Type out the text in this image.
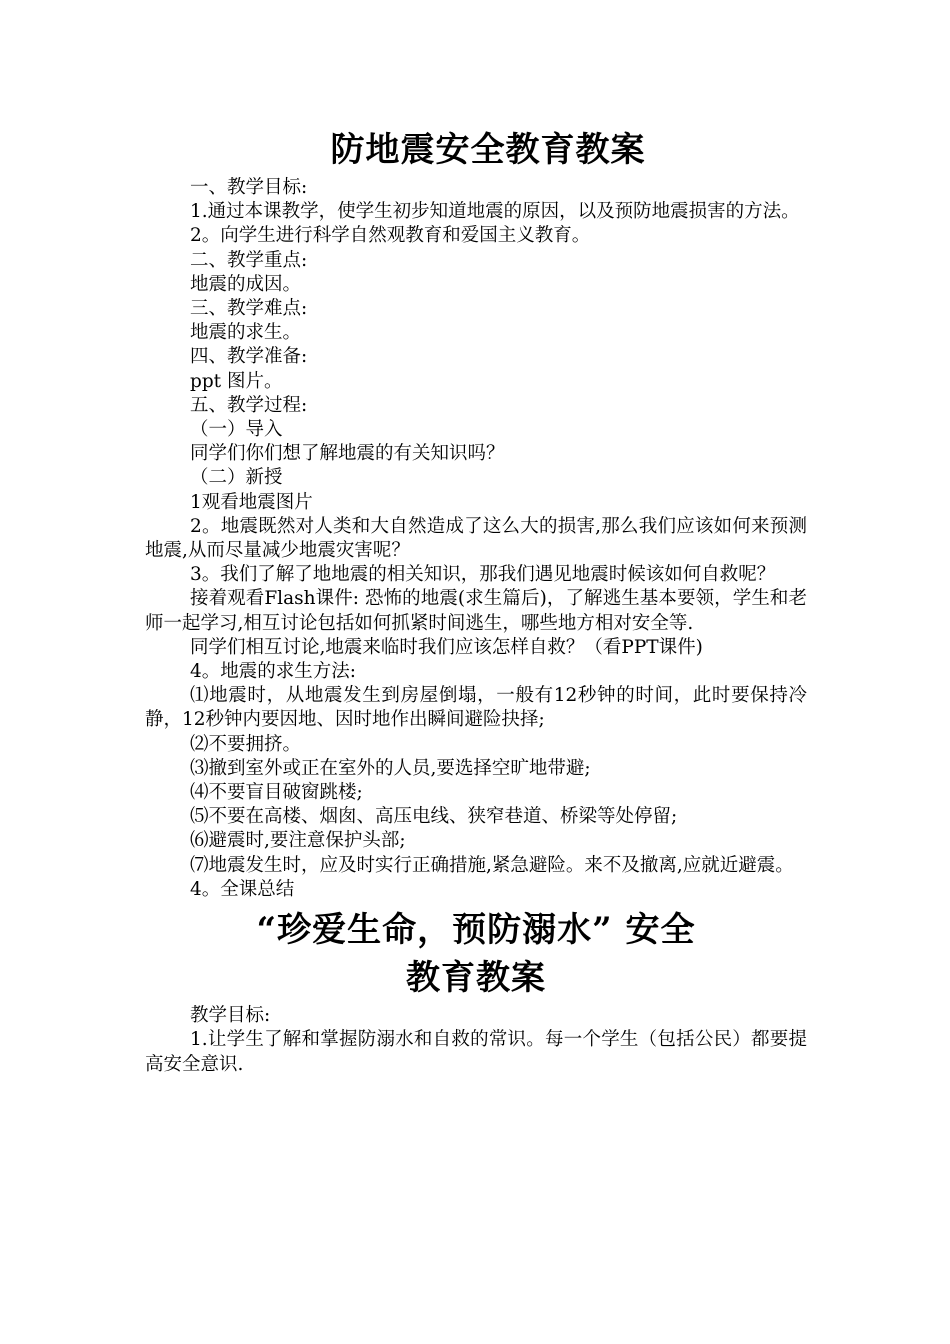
防地震安全教育教案

一、教学目标:

1.通过本课教学，使学生初步知道地震的原因，以及预防地震损害的方法。

2。向学生进行科学自然观教育和爱国主义教育。

二、教学重点:

地震的成因。

三、教学难点:

地震的求生。

四、教学准备:

ppt 图片。

五、教学过程:

（一）导入

同学们你们想了解地震的有关知识吗？

（二）新授

1观看地震图片

2。地震既然对人类和大自然造成了这么大的损害,那么我们应该如何来预测地震,从而尽量减少地震灾害呢？

3。我们了解了地地震的相关知识，那我们遇见地震时候该如何自救呢？

接着观看Flash课件: 恐怖的地震(求生篇后)，了解逃生基本要领，学生和老师一起学习,相互讨论包括如何抓紧时间逃生，哪些地方相对安全等.

同学们相互讨论,地震来临时我们应该怎样自救？（看PPT课件)

4。地震的求生方法:

⑴地震时，从地震发生到房屋倒塌，一般有12秒钟的时间，此时要保持冷静，12秒钟内要因地、因时地作出瞬间避险抉择;

⑵不要拥挤。

⑶撤到室外或正在室外的人员,要选择空旷地带避;

⑷不要盲目破窗跳楼;

⑸不要在高楼、烟囱、高压电线、狭窄巷道、桥梁等处停留;

⑹避震时,要注意保护头部;

⑺地震发生时，应及时实行正确措施,紧急避险。来不及撤离,应就近避震。

4。全课总结

“珍爱生命，预防溺水” 安全
教育教案

教学目标:

1.让学生了解和掌握防溺水和自救的常识。每一个学生（包括公民）都要提高安全意识.
